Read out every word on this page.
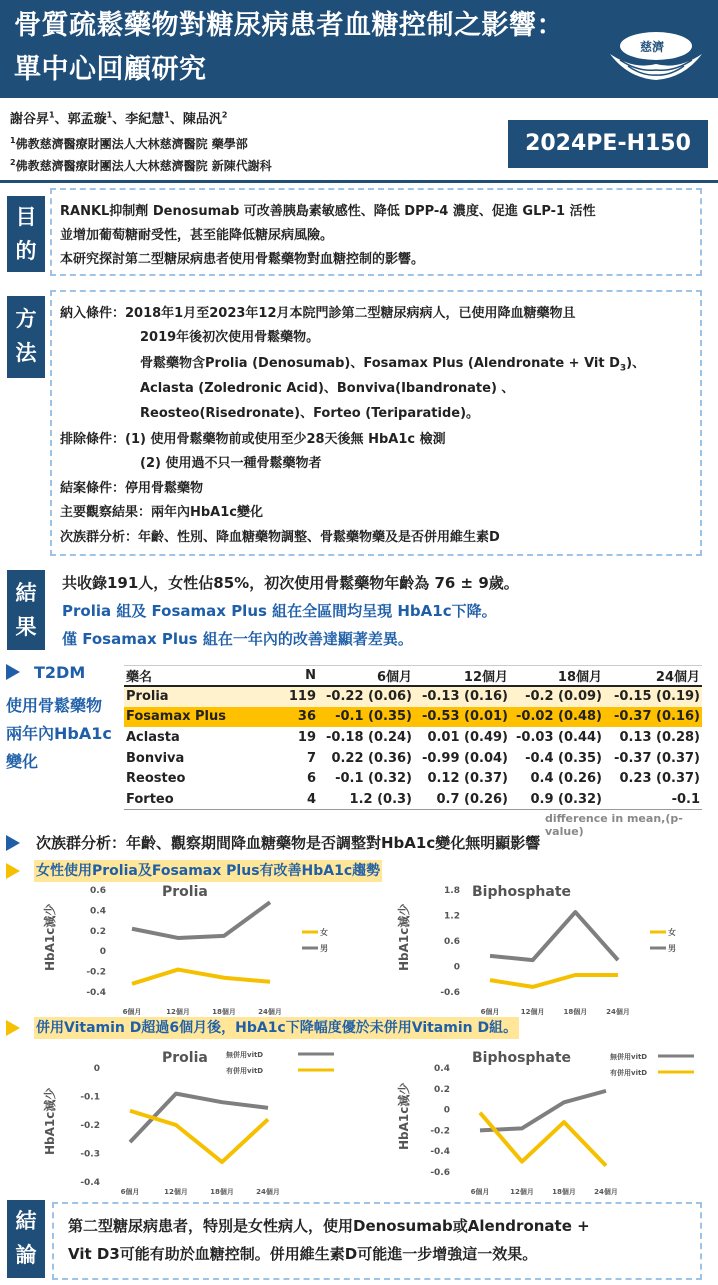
骨質疏鬆藥物對糖尿病患者血糖控制之影響：
單中心回顧研究
慈濟
謝谷昇$^1$、郭孟璇$^1$、李紀慧$^1$、陳品汎$^2$
$^1$佛教慈濟醫療財團法人大林慈濟醫院 藥學部
$^2$佛教慈濟醫療財團法人大林慈濟醫院 新陳代謝科
2024PE-H150
目
的
RANKL抑制劑 Denosumab 可改善胰島素敏感性、降低 DPP-4 濃度、促進 GLP-1 活性
並增加葡萄糖耐受性，甚至能降低糖尿病風險。
本研究探討第二型糖尿病患者使用骨鬆藥物對血糖控制的影響。
方
法
納入條件：2018年1月至2023年12月本院門診第二型糖尿病病人，已使用降血糖藥物且
2019年後初次使用骨鬆藥物。
骨鬆藥物含Prolia (Denosumab)、Fosamax Plus (Alendronate + Vit $D_3$)、
Aclasta (Zoledronic Acid)、Bonviva(Ibandronate) 、
Reosteo(Risedronate)、Forteo (Teriparatide)。
排除條件：(1) 使用骨鬆藥物前或使用至少28天後無 HbA1c 檢測
(2) 使用過不只一種骨鬆藥物者
結案條件：停用骨鬆藥物
主要觀察結果：兩年內HbA1c變化
次族群分析：年齡、性別、降血糖藥物調整、骨鬆藥物藥及是否併用維生素D
結
果
共收錄191人，女性佔85%，初次使用骨鬆藥物年齡為 76 ± 9歲。
Prolia 組及 Fosamax Plus 組在全區間均呈現 HbA1c下降。
僅 Fosamax Plus 組在一年內的改善達顯著差異。
T2DM
使用骨鬆藥物
兩年內HbA1c
變化
藥名	N	6個月	12個月	18個月	24個月
Prolia	119	-0.22 (0.06)	-0.13 (0.16)	-0.2 (0.09)	-0.15 (0.19)
Fosamax Plus	36	-0.1 (0.35)	-0.53 (0.01)	-0.02 (0.48)	-0.37 (0.16)
Aclasta	19	-0.18 (0.24)	0.01 (0.49)	-0.03 (0.44)	0.13 (0.28)
Bonviva	7	0.22 (0.36)	-0.99 (0.04)	-0.4 (0.35)	-0.37 (0.37)
Reosteo	6	-0.1 (0.32)	0.12 (0.37)	0.4 (0.26)	0.23 (0.37)
Forteo	4	1.2 (0.3)	0.7 (0.26)	0.9 (0.32)	-0.1
difference in mean,(p-value)
次族群分析：年齡、觀察期間降血糖藥物是否調整對HbA1c變化無明顯影響
女性使用Prolia及Fosamax Plus有改善HbA1c趨勢
Prolia
HbA1c減少
0.6
0.4
0.2
0
-0.2
-0.4
6個月	12個月	18個月	24個月
女
男
Biphosphate
HbA1c減少
1.8
1.2
0.6
0
-0.6
6個月	12個月	18個月	24個月
女
男
併用Vitamin D超過6個月後，HbA1c下降幅度優於未併用Vitamin D組。
Prolia
HbA1c減少
0
-0.1
-0.2
-0.3
-0.4
6個月	12個月	18個月	24個月
無併用vitD
有併用vitD
Biphosphate
HbA1c減少
0.4
0.2
0
-0.2
-0.4
-0.6
6個月	12個月	18個月	24個月
無併用vitD
有併用vitD
結
論
第二型糖尿病患者，特別是女性病人，使用Denosumab或Alendronate +
Vit D3可能有助於血糖控制。併用維生素D可能進一步增強這一效果。
